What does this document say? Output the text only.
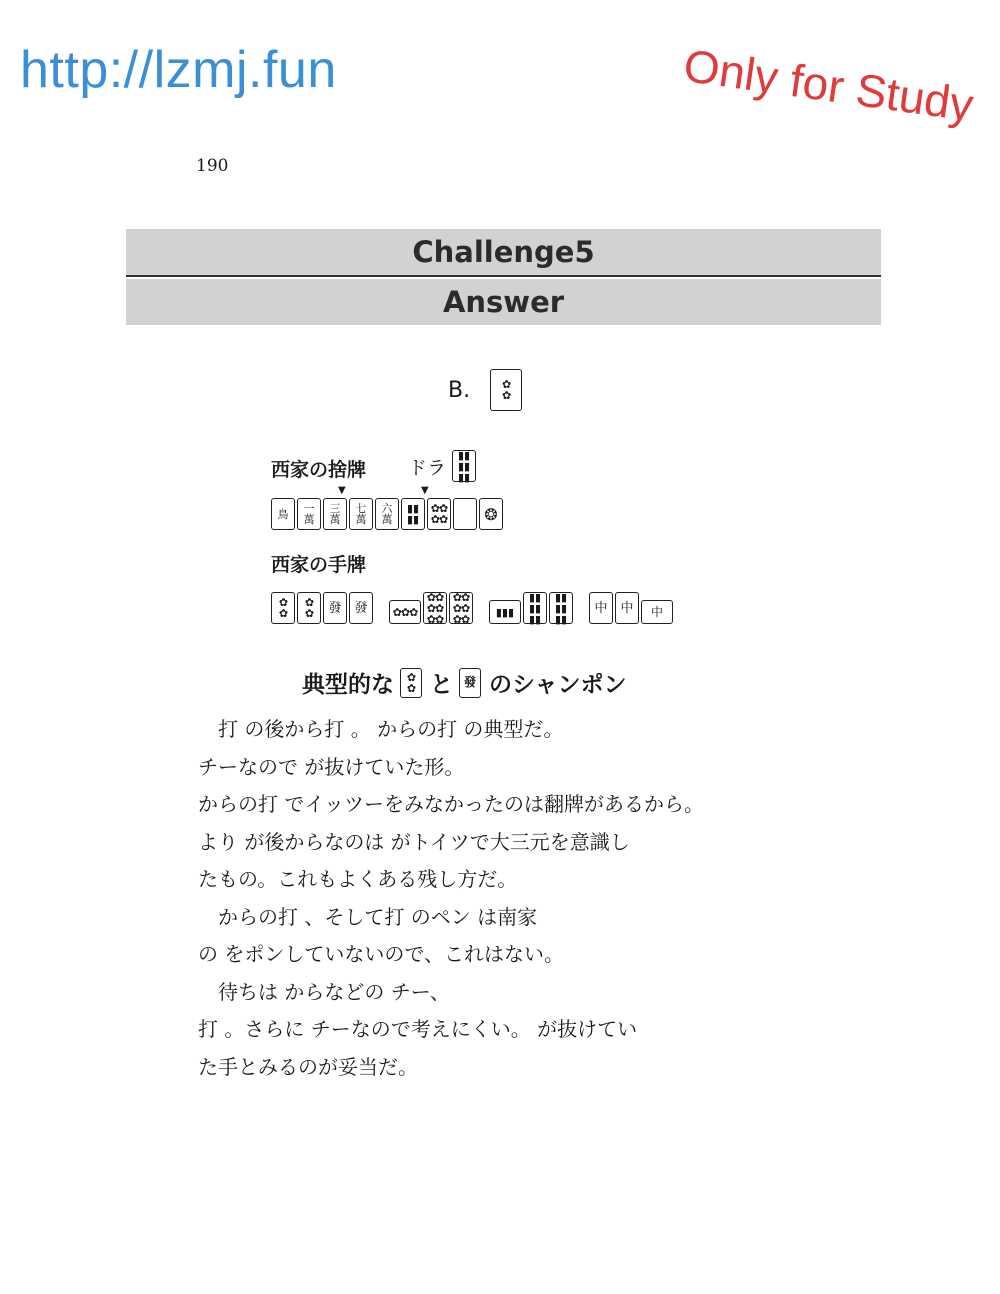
http://lzmj.fun	Only for Study
190
Challenge5
Answer
B.	✿
✿
西家の捨牌 ドラ
▮▮
▮▮
▮▮
▼	▼
鳥	一
萬
三
萬
七
萬
六
萬
▮▮
▮▮
✿✿
✿✿ ❂
西家の手牌
✿
✿
✿
✿	發 發	✿✿✿
✿✿
✿✿
✿✿
✿✿
✿✿
✿✿
▮▮▮
▮▮
▮▮
▮▮
▮▮
▮▮
▮▮
中 中	中
典型的な	✿
✿ と 發 のシャンポン

打 の後から打 。 からの打 の典型だ。

チーなので が抜けていた形。

からの打 でイッツーをみなかったのは翻牌があるから。

より が後からなのは がトイツで大三元を意識し

たもの。これもよくある残し方だ。

からの打 、そして打 のペン は南家

の をポンしていないので、これはない。

待ちは からなどの チー、

打 。さらに チーなので考えにくい。 が抜けてい

た手とみるのが妥当だ。
